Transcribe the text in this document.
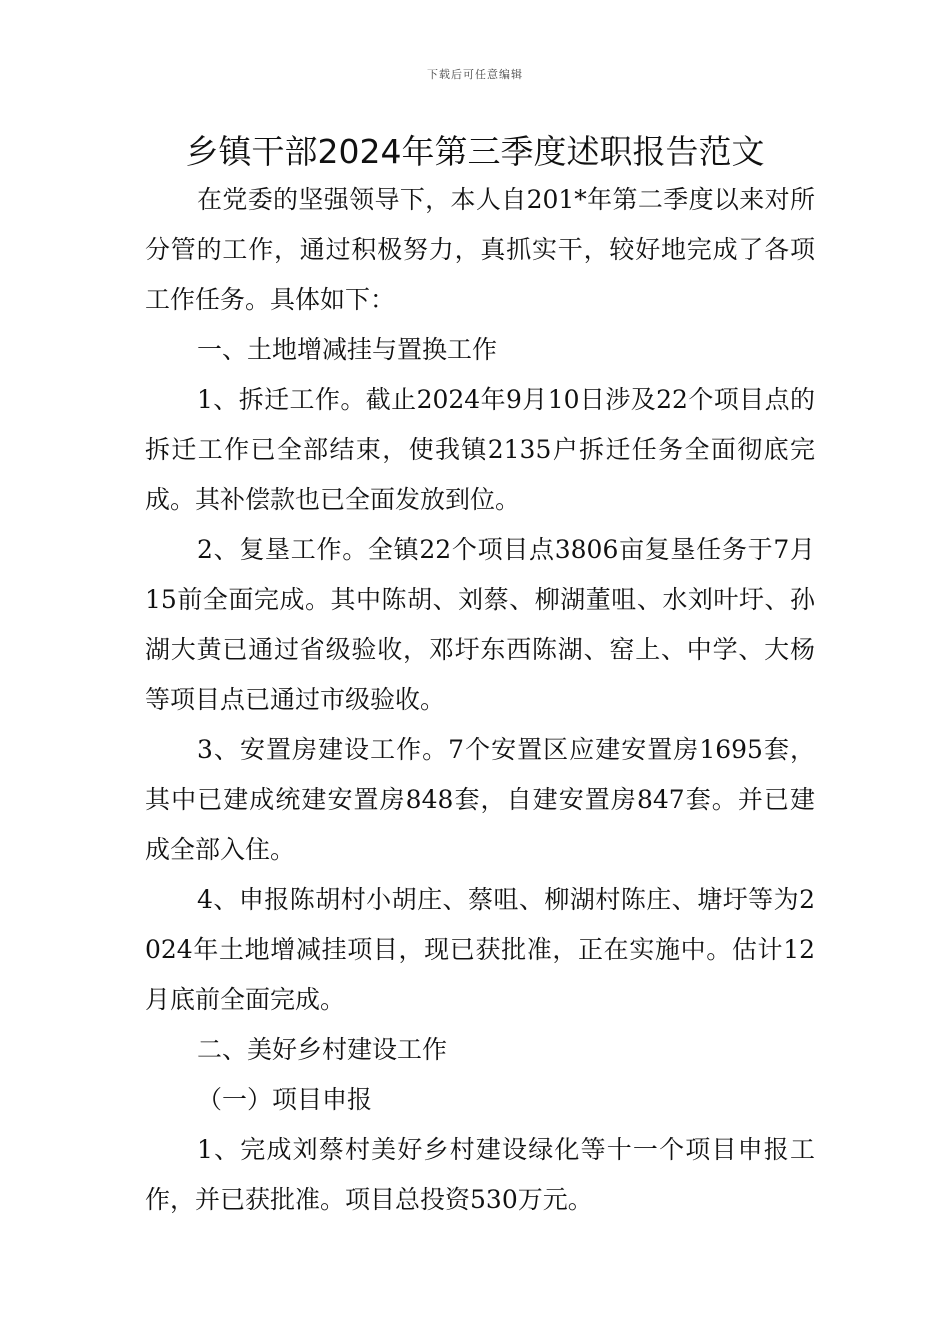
下载后可任意编辑
乡镇干部2024年第三季度述职报告范文

在党委的坚强领导下，本人自201*年第二季度以来对所分管的工作，通过积极努力，真抓实干，较好地完成了各项工作任务。具体如下：

一、土地增减挂与置换工作

1、拆迁工作。截止2024年9月10日涉及22个项目点的拆迁工作已全部结束，使我镇2135户拆迁任务全面彻底完成。其补偿款也已全面发放到位。

2、复垦工作。全镇22个项目点3806亩复垦任务于7月15前全面完成。其中陈胡、刘蔡、柳湖董咀、水刘叶圩、孙湖大黄已通过省级验收，邓圩东西陈湖、窑上、中学、大杨等项目点已通过市级验收。

3、安置房建设工作。7个安置区应建安置房1695套，其中已建成统建安置房848套，自建安置房847套。并已建成全部入住。

4、申报陈胡村小胡庄、蔡咀、柳湖村陈庄、塘圩等为2024年土地增减挂项目，现已获批准，正在实施中。估计12月底前全面完成。

二、美好乡村建设工作

（一）项目申报

1、完成刘蔡村美好乡村建设绿化等十一个项目申报工作，并已获批准。项目总投资530万元。
